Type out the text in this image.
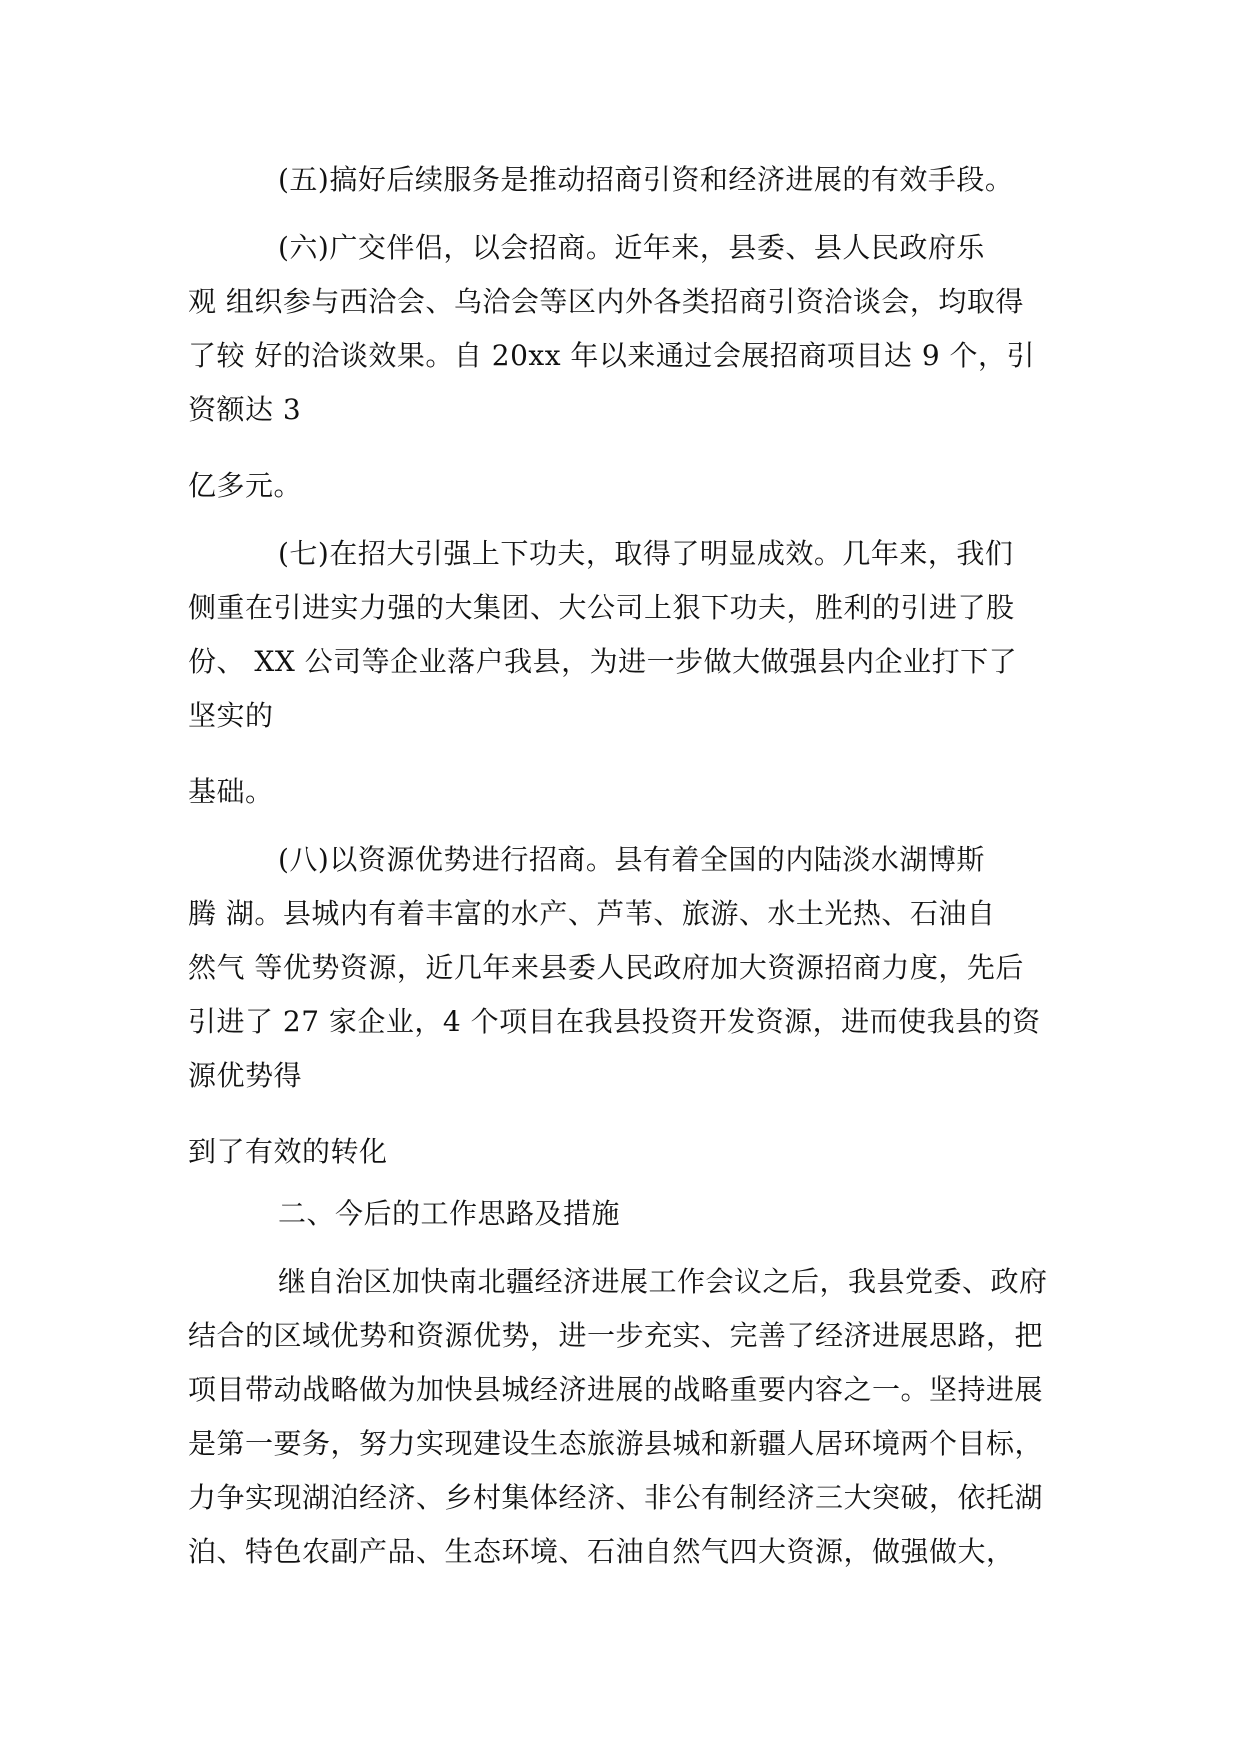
(五)搞好后续服务是推动招商引资和经济进展的有效手段。
(六)广交伴侣，以会招商。近年来，县委、县人民政府乐
观 组织参与西洽会、乌洽会等区内外各类招商引资洽谈会，均取得
了较 好的洽谈效果。自 20xx 年以来通过会展招商项目达 9 个，引
资额达 3
亿多元。
(七)在招大引强上下功夫，取得了明显成效。几年来，我们
侧重在引进实力强的大集团、大公司上狠下功夫，胜利的引进了股
份、 XX 公司等企业落户我县，为进一步做大做强县内企业打下了
坚实的
基础。
(八)以资源优势进行招商。县有着全国的内陆淡水湖博斯
腾 湖。县城内有着丰富的水产、芦苇、旅游、水土光热、石油自
然气 等优势资源，近几年来县委人民政府加大资源招商力度，先后
引进了 27 家企业，4 个项目在我县投资开发资源，进而使我县的资
源优势得
到了有效的转化
二、今后的工作思路及措施
继自治区加快南北疆经济进展工作会议之后，我县党委、政府
结合的区域优势和资源优势，进一步充实、完善了经济进展思路，把
项目带动战略做为加快县城经济进展的战略重要内容之一。坚持进展
是第一要务，努力实现建设生态旅游县城和新疆人居环境两个目标，
力争实现湖泊经济、乡村集体经济、非公有制经济三大突破，依托湖
泊、特色农副产品、生态环境、石油自然气四大资源，做强做大，
